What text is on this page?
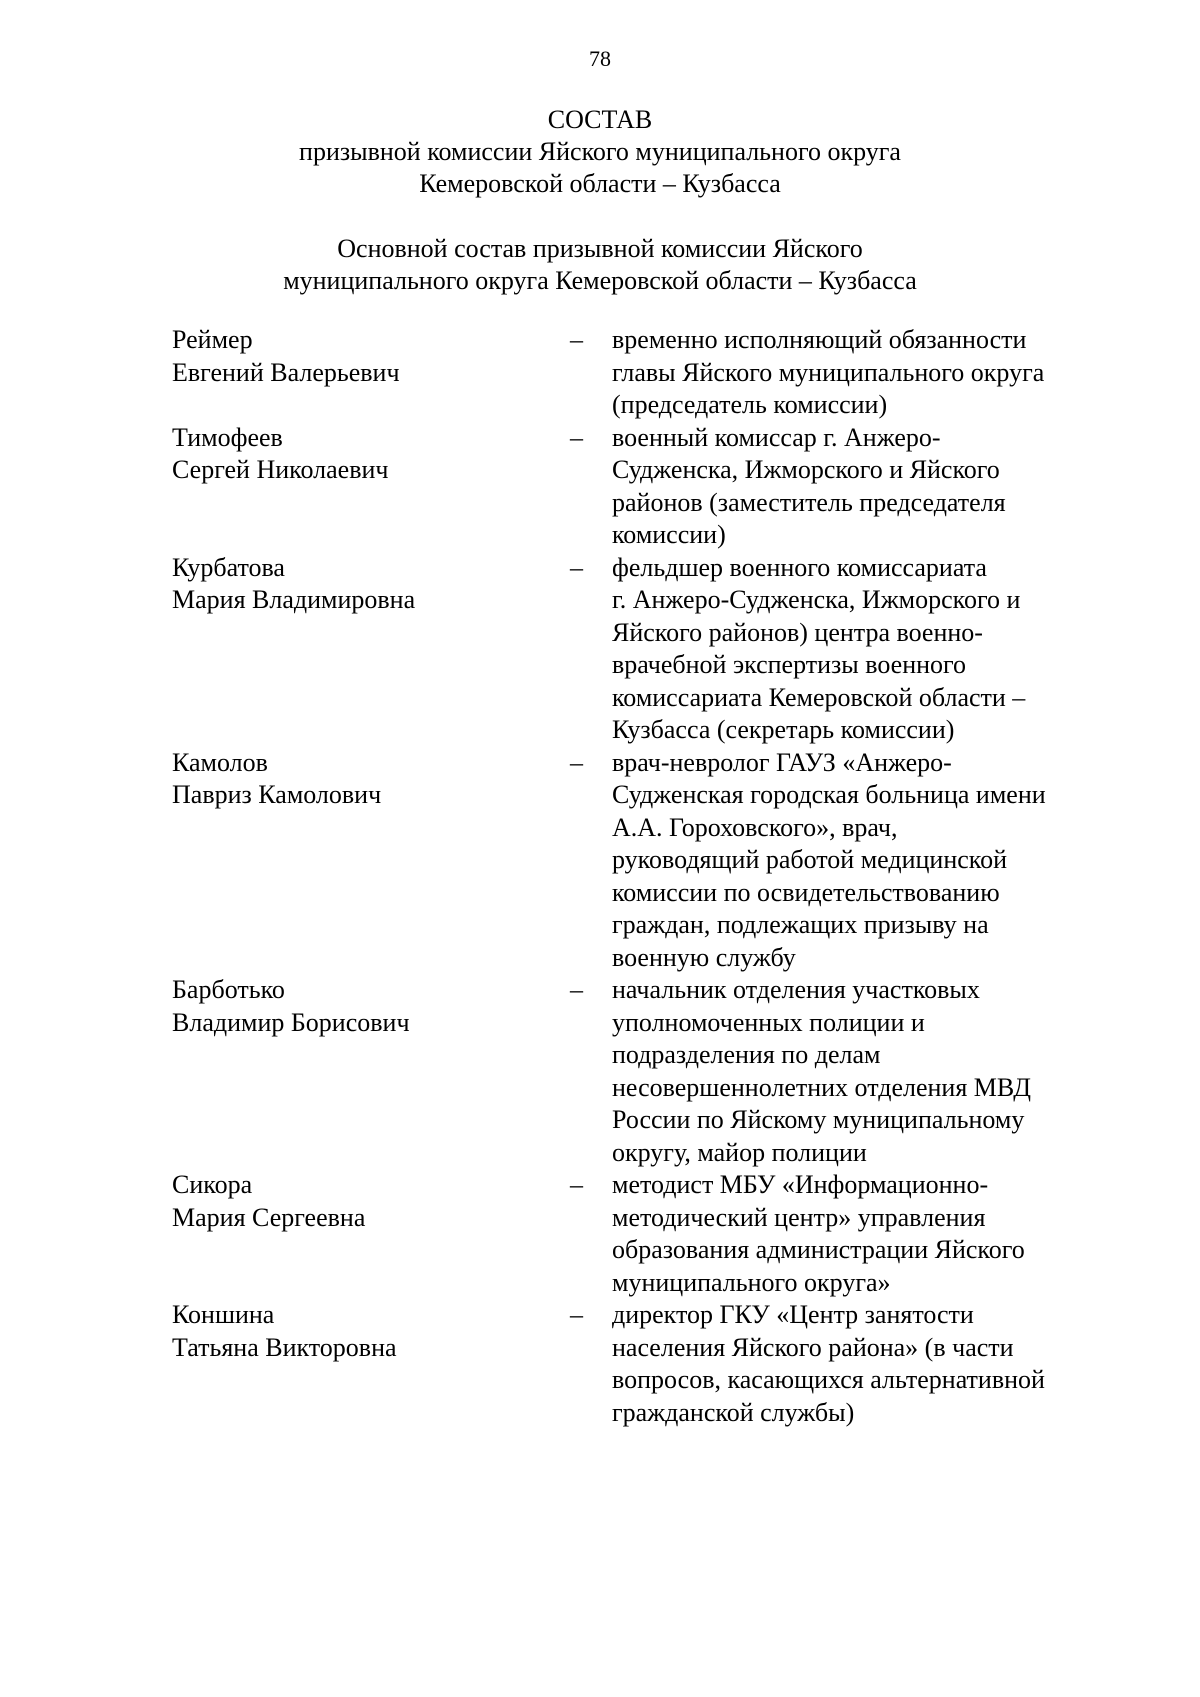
78
СОСТАВ
призывной комиссии Яйского муниципального округа
Кемеровской области – Кузбасса
Основной состав призывной комиссии Яйского
муниципального округа Кемеровской области – Кузбасса
Реймер
Евгений Валерьевич
–	временно исполняющий обязанности
главы Яйского муниципального округа
(председатель комиссии)
Тимофеев
Сергей Николаевич
–	военный комиссар г. Анжеро-
Судженска, Ижморского и Яйского
районов (заместитель председателя
комиссии)
Курбатова
Мария Владимировна
–	фельдшер военного комиссариата
г. Анжеро-Судженска, Ижморского и
Яйского районов) центра военно-
врачебной экспертизы военного
комиссариата Кемеровской области –
Кузбасса (секретарь комиссии)
Камолов
Павриз Камолович
–	врач-невролог ГАУЗ «Анжеро-
Судженская городская больница имени
А.А. Гороховского», врач,
руководящий работой медицинской
комиссии по освидетельствованию
граждан, подлежащих призыву на
военную службу
Барботько
Владимир Борисович
–	начальник отделения участковых
уполномоченных полиции и
подразделения по делам
несовершеннолетних отделения МВД
России по Яйскому муниципальному
округу, майор полиции
Сикора
Мария Сергеевна
–	методист МБУ «Информационно-
методический центр» управления
образования администрации Яйского
муниципального округа»
Коншина
Татьяна Викторовна
–	директор ГКУ «Центр занятости
населения Яйского района» (в части
вопросов, касающихся альтернативной
гражданской службы)
